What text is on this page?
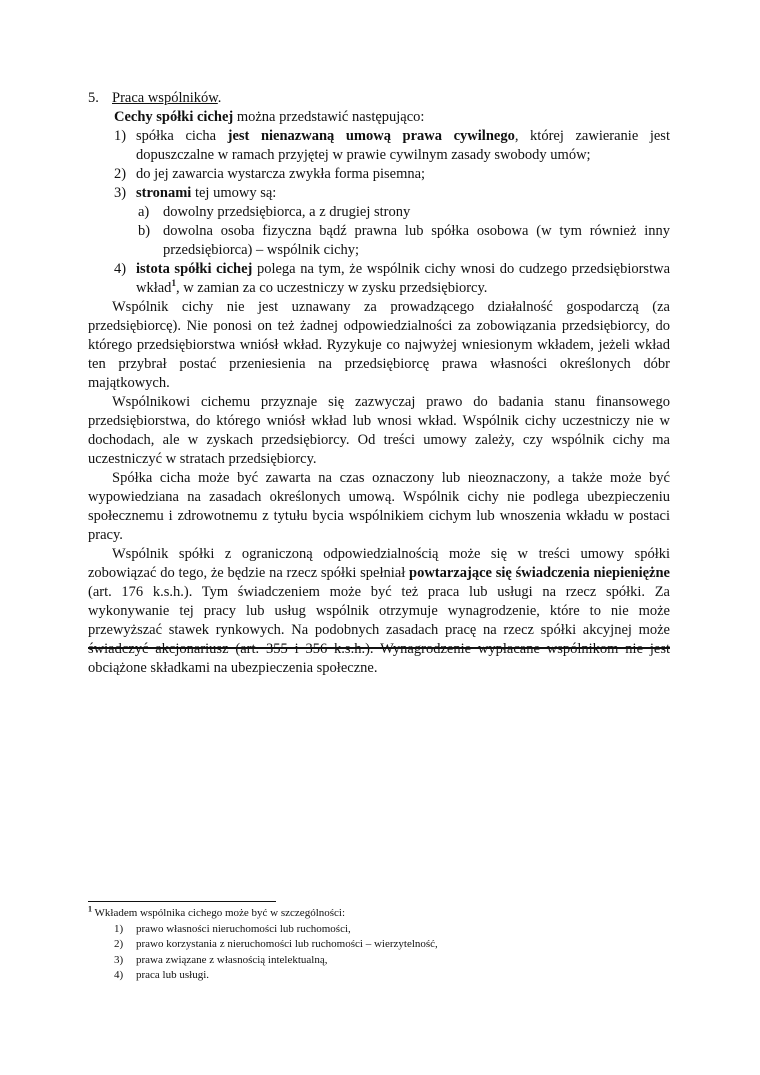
5. Praca wspólników.

Cechy spółki cichej można przedstawić następująco:

1) spółka cicha jest nienazwaną umową prawa cywilnego, której zawieranie jest dopuszczalne w ramach przyjętej w prawie cywilnym zasady swobody umów;
2) do jej zawarcia wystarcza zwykła forma pisemna;
3) stronami tej umowy są:
a) dowolny przedsiębiorca, a z drugiej strony
b) dowolna osoba fizyczna bądź prawna lub spółka osobowa (w tym również inny przedsiębiorca) – wspólnik cichy;
4) istota spółki cichej polega na tym, że wspólnik cichy wnosi do cudzego przedsiębiorstwa wkład$^1$, w zamian za co uczestniczy w zysku przedsiębiorcy.

Wspólnik cichy nie jest uznawany za prowadzącego działalność gospodarczą (za przedsiębiorcę). Nie ponosi on też żadnej odpowiedzialności za zobowiązania przedsiębiorcy, do którego przedsiębiorstwa wniósł wkład. Ryzykuje co najwyżej wniesionym wkładem, jeżeli wkład ten przybrał postać przeniesienia na przedsiębiorcę prawa własności określonych dóbr majątkowych.

Wspólnikowi cichemu przyznaje się zazwyczaj prawo do badania stanu finansowego przedsiębiorstwa, do którego wniósł wkład lub wnosi wkład. Wspólnik cichy uczestniczy nie w dochodach, ale w zyskach przedsiębiorcy. Od treści umowy zależy, czy wspólnik cichy ma uczestniczyć w stratach przedsiębiorcy.

Spółka cicha może być zawarta na czas oznaczony lub nieoznaczony, a także może być wypowiedziana na zasadach określonych umową. Wspólnik cichy nie podlega ubezpieczeniu społecznemu i zdrowotnemu z tytułu bycia wspólnikiem cichym lub wnoszenia wkładu w postaci pracy.

Wspólnik spółki z ograniczoną odpowiedzialnością może się w treści umowy spółki zobowiązać do tego, że będzie na rzecz spółki spełniał powtarzające się świadczenia niepieniężne (art. 176 k.s.h.). Tym świadczeniem może być też praca lub usługi na rzecz spółki. Za wykonywanie tej pracy lub usług wspólnik otrzymuje wynagrodzenie, które to nie może przewyższać stawek rynkowych. Na podobnych zasadach pracę na rzecz spółki akcyjnej może świadczyć akcjonariusz (art. 355 i 356 k.s.h.). Wynagrodzenie wypłacane wspólnikom nie jest obciążone składkami na ubezpieczenia społeczne.

$^1$ Wkładem wspólnika cichego może być w szczególności:

1) prawo własności nieruchomości lub ruchomości,
2) prawo korzystania z nieruchomości lub ruchomości – wierzytelność,
3) prawa związane z własnością intelektualną,
4) praca lub usługi.
